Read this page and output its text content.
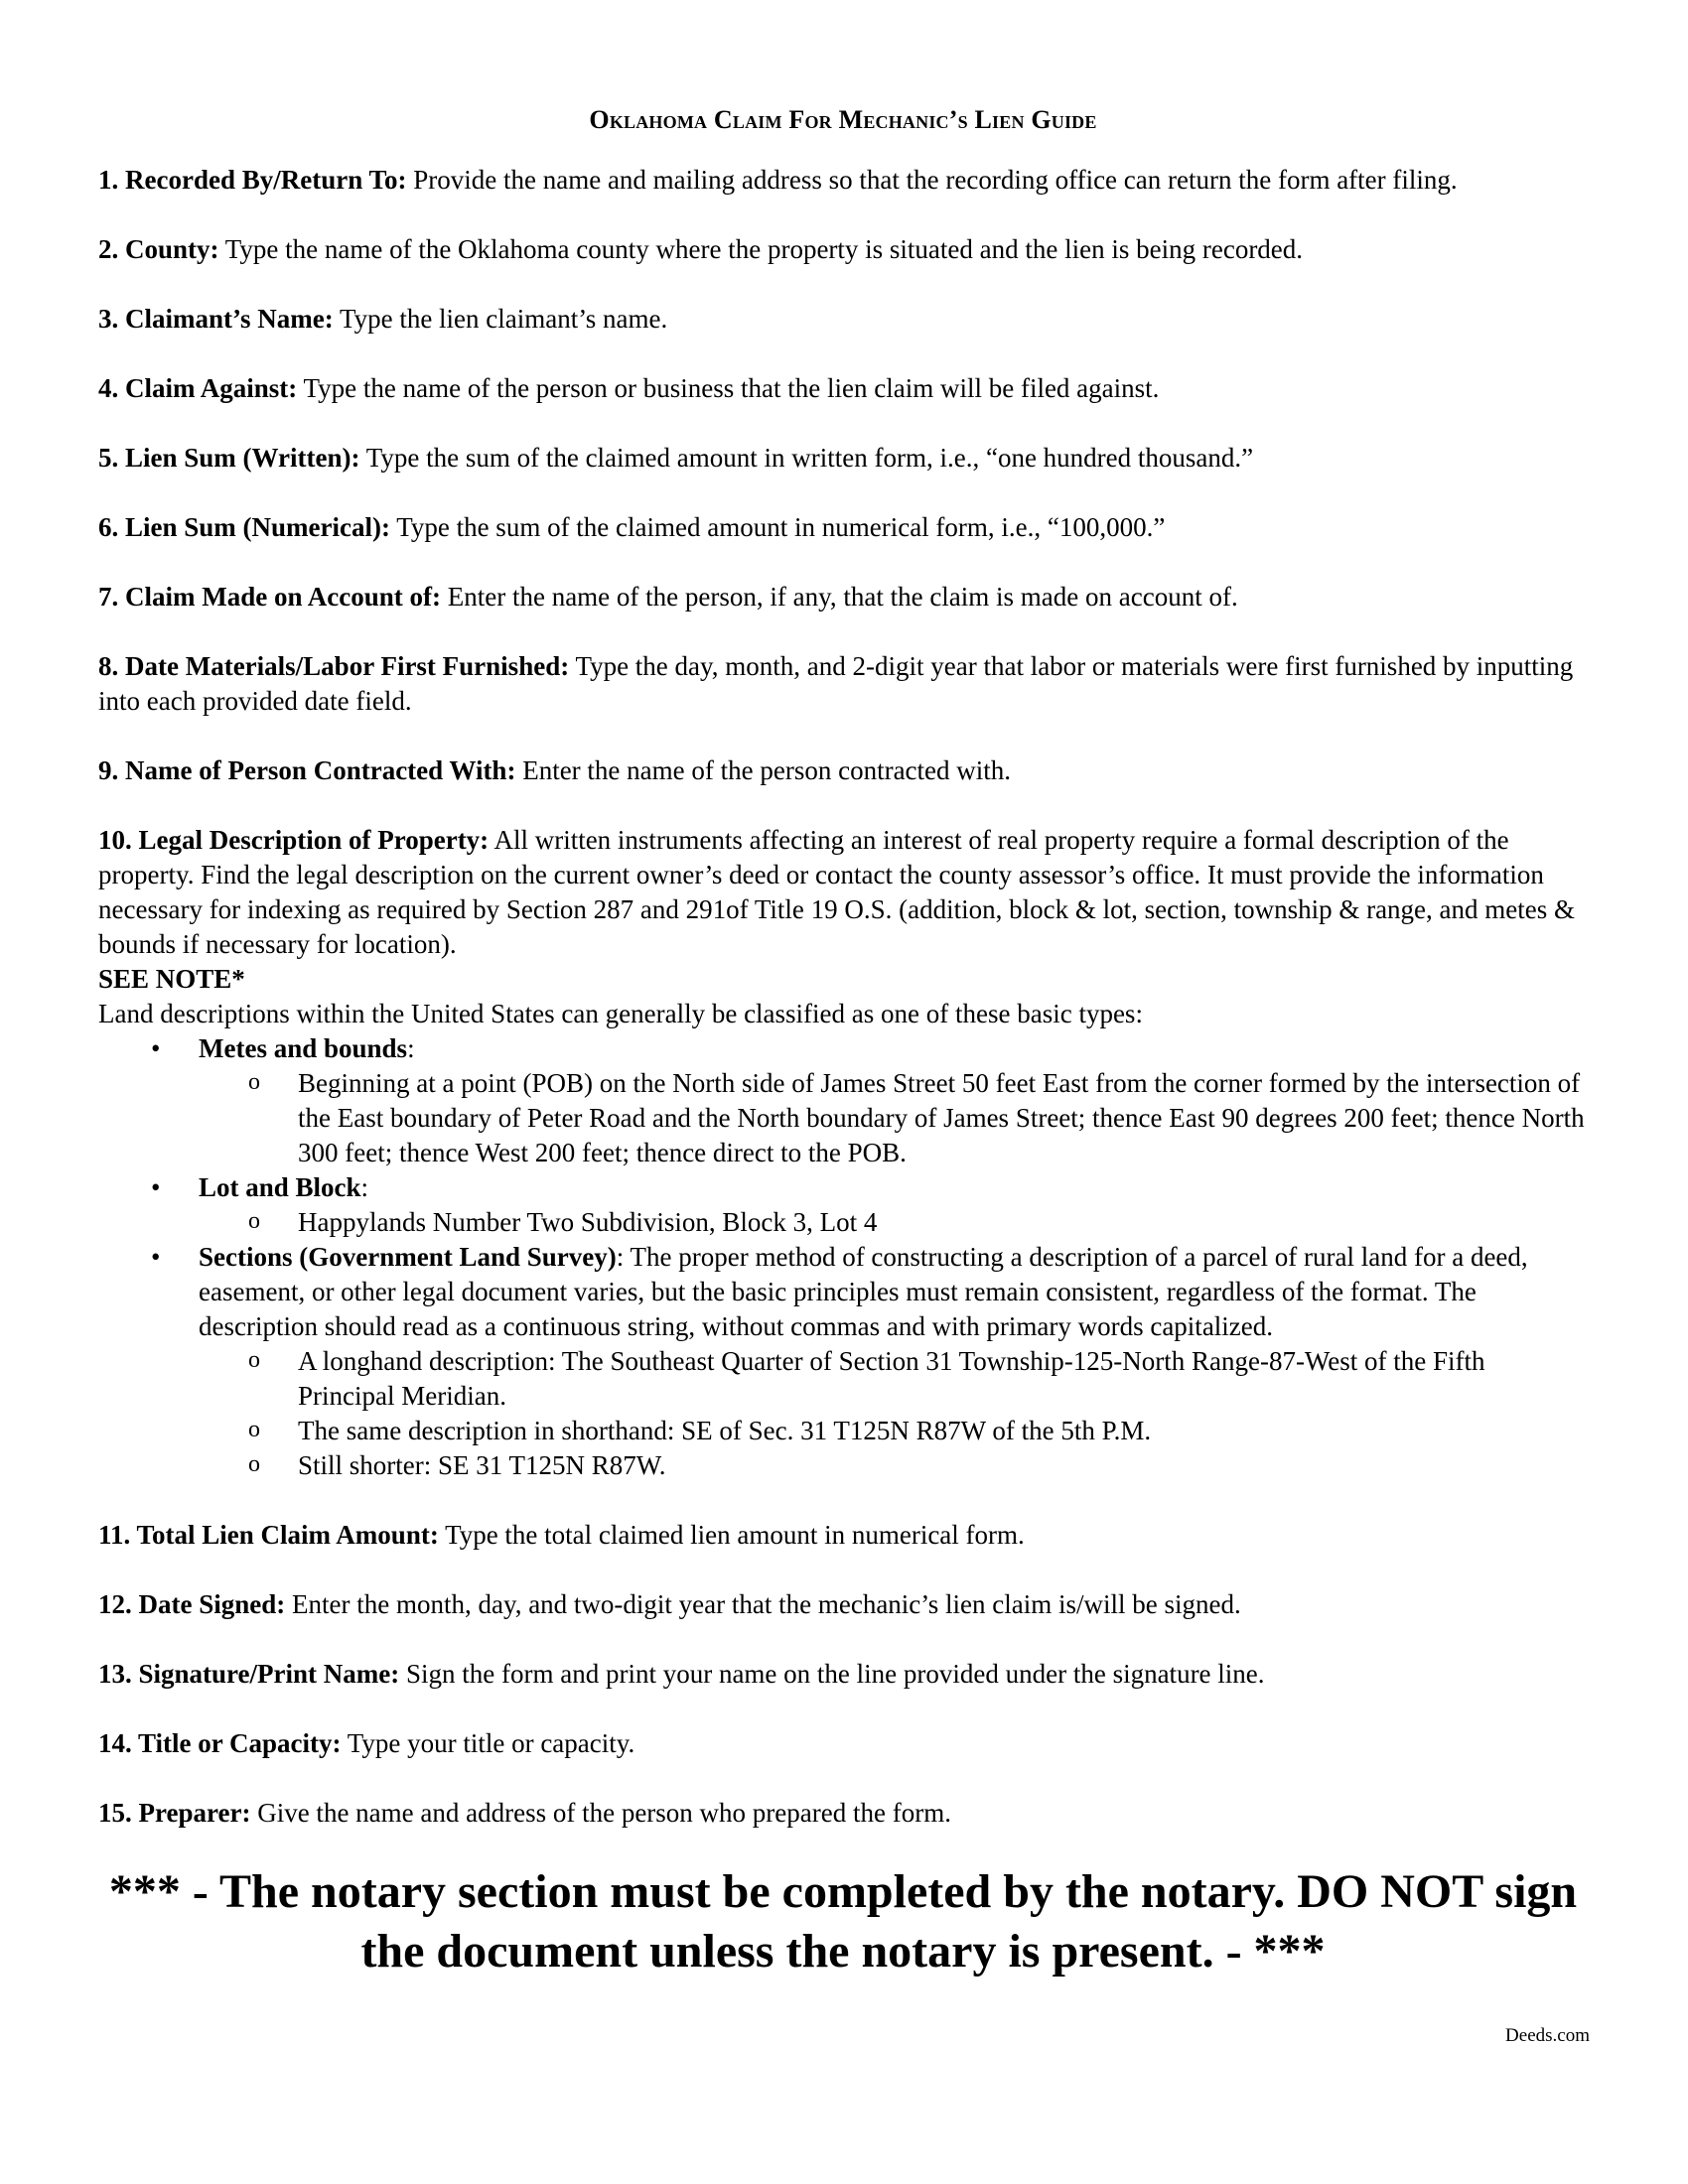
Oklahoma Claim For Mechanic’s Lien Guide
1. Recorded By/Return To: Provide the name and mailing address so that the recording office can return the form after filing.
2. County: Type the name of the Oklahoma county where the property is situated and the lien is being recorded.
3. Claimant’s Name: Type the lien claimant’s name.
4. Claim Against: Type the name of the person or business that the lien claim will be filed against.
5. Lien Sum (Written): Type the sum of the claimed amount in written form, i.e., “one hundred thousand.”
6. Lien Sum (Numerical): Type the sum of the claimed amount in numerical form, i.e., “100,000.”
7. Claim Made on Account of: Enter the name of the person, if any, that the claim is made on account of.
8. Date Materials/Labor First Furnished: Type the day, month, and 2-digit year that labor or materials were first furnished by inputting into each provided date field.
9. Name of Person Contracted With: Enter the name of the person contracted with.
10. Legal Description of Property: All written instruments affecting an interest of real property require a formal description of the property. Find the legal description on the current owner’s deed or contact the county assessor’s office. It must provide the information necessary for indexing as required by Section 287 and 291of Title 19 O.S. (addition, block & lot, section, township & range, and metes & bounds if necessary for location).
SEE NOTE*
Land descriptions within the United States can generally be classified as one of these basic types:
• Metes and bounds:
o Beginning at a point (POB) on the North side of James Street 50 feet East from the corner formed by the intersection of the East boundary of Peter Road and the North boundary of James Street; thence East 90 degrees 200 feet; thence North 300 feet; thence West 200 feet; thence direct to the POB.
• Lot and Block:
o Happylands Number Two Subdivision, Block 3, Lot 4
• Sections (Government Land Survey): The proper method of constructing a description of a parcel of rural land for a deed, easement, or other legal document varies, but the basic principles must remain consistent, regardless of the format. The description should read as a continuous string, without commas and with primary words capitalized.
o A longhand description: The Southeast Quarter of Section 31 Township-125-North Range-87-West of the Fifth Principal Meridian.
o The same description in shorthand: SE of Sec. 31 T125N R87W of the 5th P.M.
o Still shorter: SE 31 T125N R87W.
11. Total Lien Claim Amount: Type the total claimed lien amount in numerical form.
12. Date Signed: Enter the month, day, and two-digit year that the mechanic’s lien claim is/will be signed.
13. Signature/Print Name: Sign the form and print your name on the line provided under the signature line.
14. Title or Capacity: Type your title or capacity.
15. Preparer: Give the name and address of the person who prepared the form.
*** - The notary section must be completed by the notary. DO NOT sign the document unless the notary is present. - ***
Deeds.com
